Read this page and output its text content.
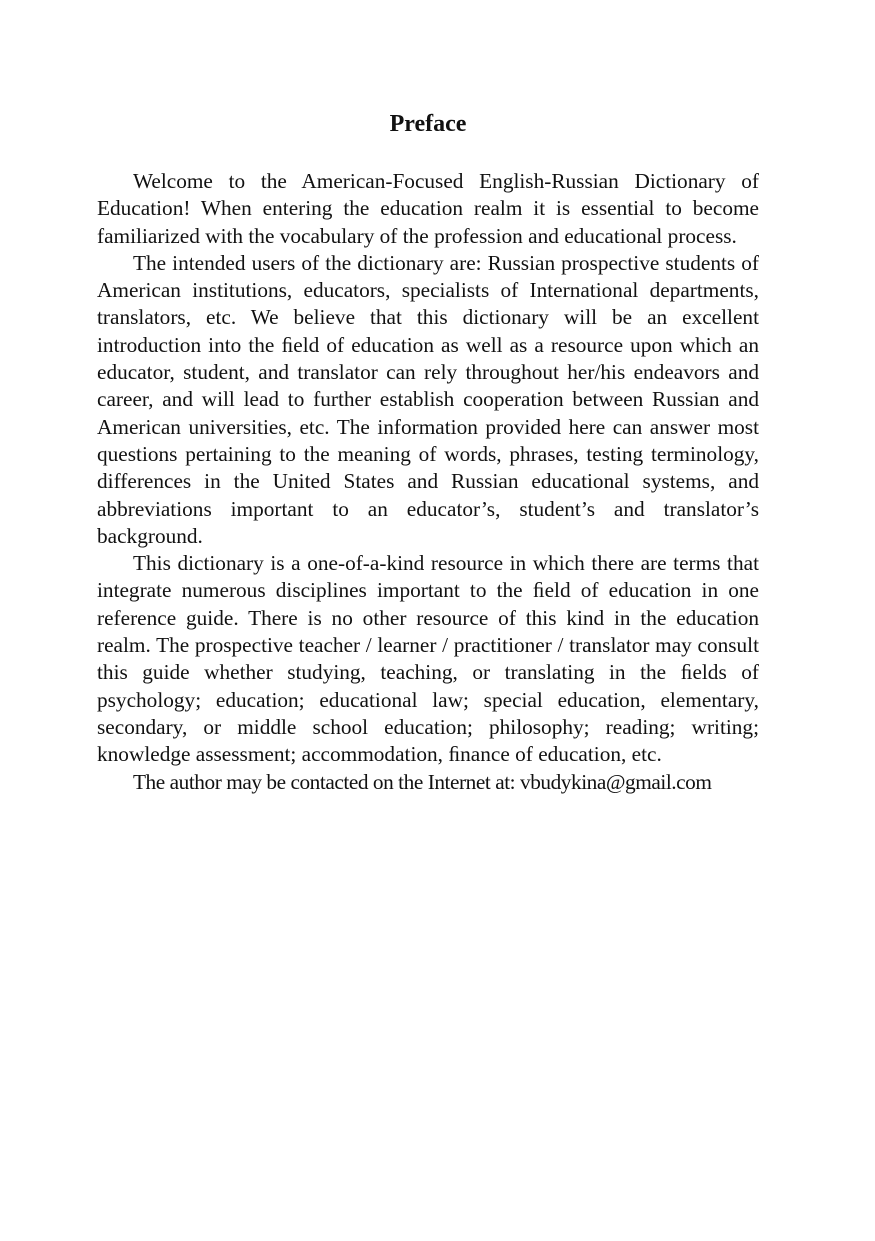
Preface

Welcome to the American-Focused English-Russian Dictionary of Education! When entering the education realm it is essential to become familiarized with the vocabulary of the profession and educational process.

The intended users of the dictionary are: Russian prospective students of American institutions, educators, specialists of International departments, translators, etc. We believe that this dictionary will be an excellent introduction into the ﬁeld of education as well as a resource upon which an educator, student, and translator can rely throughout her/his endeavors and career, and will lead to further establish cooperation between Russian and American universities, etc. The information provided here can answer most questions pertaining to the meaning of words, phrases, testing terminology, differences in the United States and Russian educational systems, and abbreviations important to an educator’s, student’s and translator’s background.

This dictionary is a one-of-a-kind resource in which there are terms that integrate numerous disciplines important to the ﬁeld of education in one reference guide. There is no other resource of this kind in the education realm. The prospective teacher / learner / practitioner / translator may consult this guide whether studying, teaching, or translating in the ﬁelds of psychology; education; educational law; special education, elementary, secondary, or middle school education; philosophy; reading; writing; knowledge assessment; accommodation, ﬁnance of education, etc.

The author may be contacted on the Internet at: vbudykina@gmail.com
